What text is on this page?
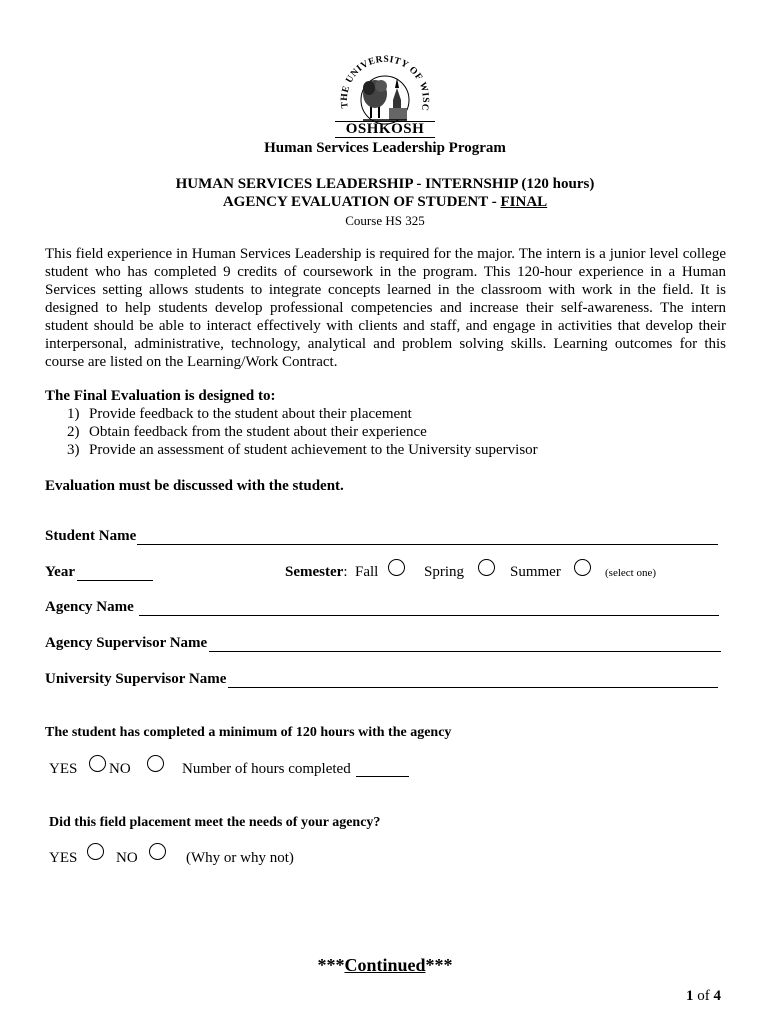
THE UNIVERSITY OF WISC
OSHKOSH
Human Services Leadership Program
HUMAN SERVICES LEADERSHIP - INTERNSHIP (120 hours)
AGENCY EVALUATION OF STUDENT - FINAL
Course HS 325
This field experience in Human Services Leadership is required for the major. The intern is a junior level college student who has completed 9 credits of coursework in the program. This 120-hour experience in a Human Services setting allows students to integrate concepts learned in the classroom with work in the field. It is designed to help students develop professional competencies and increase their self-awareness. The intern student should be able to interact effectively with clients and staff, and engage in activities that develop their interpersonal, administrative, technology, analytical and problem solving skills. Learning outcomes for this course are listed on the Learning/Work Contract.
The Final Evaluation is designed to:
1) Provide feedback to the student about their placement
2) Obtain feedback from the student about their experience
3) Provide an assessment of student achievement to the University supervisor
Evaluation must be discussed with the student.
Student Name
Year	Semester: Fall	Spring	Summer	(select one)
Agency Name
Agency Supervisor Name
University Supervisor Name
The student has completed a minimum of 120 hours with the agency
YES NO	Number of hours completed
Did this field placement meet the needs of your agency?
YES	NO	(Why or why not)
***Continued***
1 of 4
